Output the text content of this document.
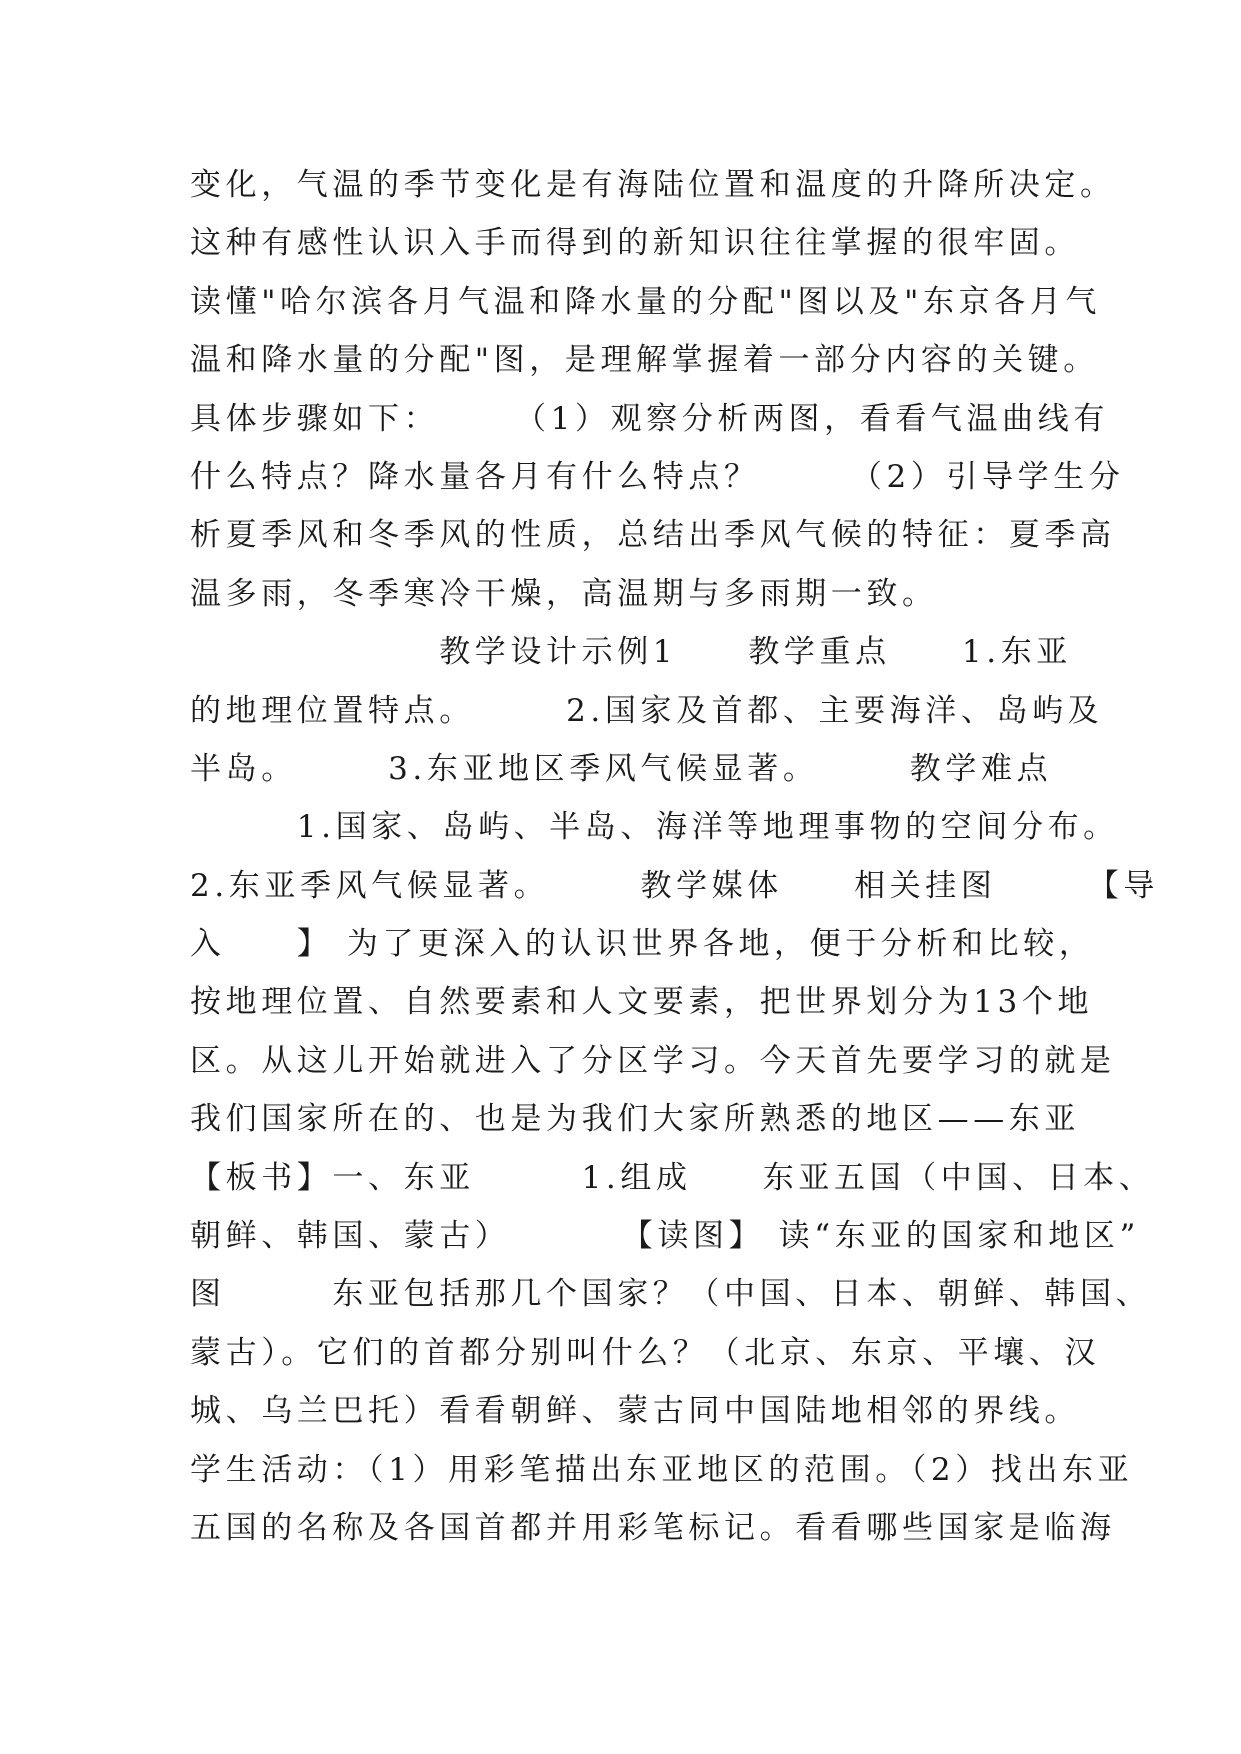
变化，气温的季节变化是有海陆位置和温度的升降所决定。
这种有感性认识入手而得到的新知识往往掌握的很牢固。
读懂"哈尔滨各月气温和降水量的分配"图以及"东京各月气
温和降水量的分配"图，是理解掌握着一部分内容的关键。
具体步骤如下：　　　（1）观察分析两图，看看气温曲线有
什么特点？降水量各月有什么特点？　　　（2）引导学生分
析夏季风和冬季风的性质，总结出季风气候的特征：夏季高
温多雨，冬季寒冷干燥，高温期与多雨期一致。
　　　　　　　教学设计示例1　　教学重点　　1.东亚
的地理位置特点。　　　2.国家及首都、主要海洋、岛屿及
半岛。　　　3.东亚地区季风气候显著。　　　教学难点
　　　1.国家、岛屿、半岛、海洋等地理事物的空间分布。
2.东亚季风气候显著。　　　教学媒体　　相关挂图　　　【导
入　　】 为了更深入的认识世界各地，便于分析和比较，
按地理位置、自然要素和人文要素，把世界划分为13个地
区。从这儿开始就进入了分区学习。今天首先要学习的就是
我们国家所在的、也是为我们大家所熟悉的地区——东亚
【板书】一、东亚　　　1.组成　　东亚五国（中国、日本、
朝鲜、韩国、蒙古）　　　　【读图】 读“东亚的国家和地区”
图　　　东亚包括那几个国家？（中国、日本、朝鲜、韩国、
蒙古）。它们的首都分别叫什么？（北京、东京、平壤、汉
城、乌兰巴托）看看朝鲜、蒙古同中国陆地相邻的界线。
学生活动：（1）用彩笔描出东亚地区的范围。（2）找出东亚
五国的名称及各国首都并用彩笔标记。看看哪些国家是临海
